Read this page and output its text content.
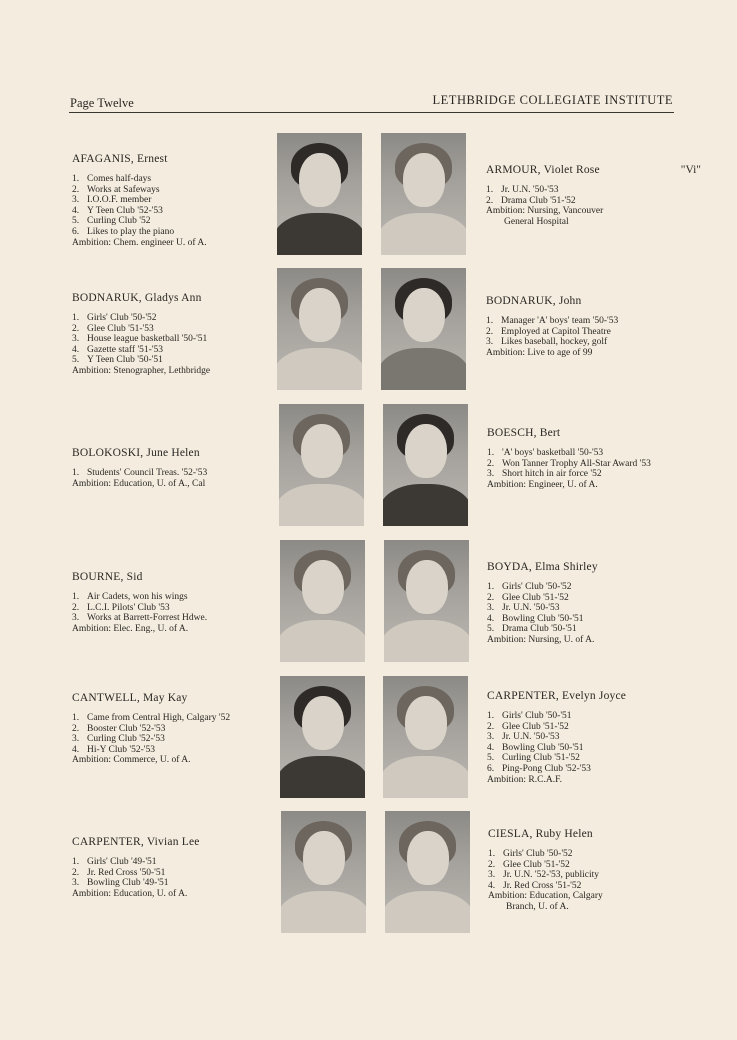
Page Twelve	LETHBRIDGE COLLEGIATE INSTITUTE
AFAGANIS, Ernest
1. Comes half-days
2. Works at Safeways
3. I.O.O.F. member
4. Y Teen Club '52-'53
5. Curling Club '52
6. Likes to play the piano
Ambition: Chem. engineer U. of A.
ARMOUR, Violet Rose	"Vi"
1. Jr. U.N. '50-'53
2. Drama Club '51-'52
Ambition: Nursing, Vancouver
General Hospital
BODNARUK, Gladys Ann
1. Girls' Club '50-'52
2. Glee Club '51-'53
3. House league basketball '50-'51
4. Gazette staff '51-'53
5. Y Teen Club '50-'51
Ambition: Stenographer, Lethbridge
BODNARUK, John
1. Manager 'A' boys' team '50-'53
2. Employed at Capitol Theatre
3. Likes baseball, hockey, golf
Ambition: Live to age of 99
BOLOKOSKI, June Helen
1. Students' Council Treas. '52-'53
Ambition: Education, U. of A., Cal
BOESCH, Bert
1. 'A' boys' basketball '50-'53
2. Won Tanner Trophy All-Star Award '53
3. Short hitch in air force '52
Ambition: Engineer, U. of A.
BOURNE, Sid
1. Air Cadets, won his wings
2. L.C.I. Pilots' Club '53
3. Works at Barrett-Forrest Hdwe.
Ambition: Elec. Eng., U. of A.
BOYDA, Elma Shirley
1. Girls' Club '50-'52
2. Glee Club '51-'52
3. Jr. U.N. '50-'53
4. Bowling Club '50-'51
5. Drama Club '50-'51
Ambition: Nursing, U. of A.
CANTWELL, May Kay
1. Came from Central High, Calgary '52
2. Booster Club '52-'53
3. Curling Club '52-'53
4. Hi-Y Club '52-'53
Ambition: Commerce, U. of A.
CARPENTER, Evelyn Joyce
1. Girls' Club '50-'51
2. Glee Club '51-'52
3. Jr. U.N. '50-'53
4. Bowling Club '50-'51
5. Curling Club '51-'52
6. Ping-Pong Club '52-'53
Ambition: R.C.A.F.
CARPENTER, Vivian Lee
1. Girls' Club '49-'51
2. Jr. Red Cross '50-'51
3. Bowling Club '49-'51
Ambition: Education, U. of A.
CIESLA, Ruby Helen
1. Girls' Club '50-'52
2. Glee Club '51-'52
3. Jr. U.N. '52-'53, publicity
4. Jr. Red Cross '51-'52
Ambition: Education, Calgary
Branch, U. of A.
